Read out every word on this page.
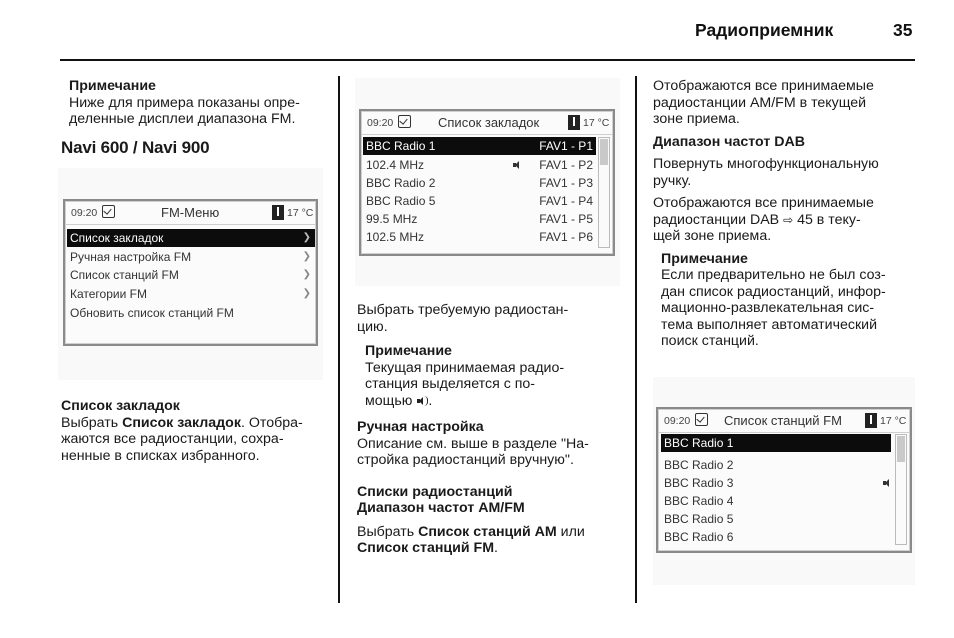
Радиоприемник	35
Примечание
Ниже для примера показаны опре-
деленные дисплеи диапазона FM.
Navi 600 / Navi 900
09:20	FM-Меню	17 °C
Список закладок	❯
Ручная настройка FM	❯
Список станций FM	❯
Категории FM	❯
Обновить список станций FM
Список закладок
Выбрать Список закладок. Отобра-
жаются все радиостанции, сохра-
ненные в списках избранного.
09:20	Список закладок	17 °C
BBC Radio 1	FAV1 - P1
102.4 MHz	FAV1 - P2
BBC Radio 2	FAV1 - P3
BBC Radio 5	FAV1 - P4
99.5 MHz	FAV1 - P5
102.5 MHz	FAV1 - P6

Выбрать требуемую радиостан-
цию.

Примечание
Текущая принимаемая радио-
станция выделяется с по-
мощью .
Ручная настройка
Описание см. выше в разделе "На-
стройка радиостанций вручную".
Списки радиостанций
Диапазон частот AM/FM
Выбрать Список станций AM или
Список станций FM.

Отображаются все принимаемые
радиостанции AM/FM в текущей
зоне приема.

Диапазон частот DAB

Повернуть многофункциональную
ручку.

Отображаются все принимаемые
радиостанции DAB ⇨ 45 в теку-
щей зоне приема.

Примечание
Если предварительно не был соз-
дан список радиостанций, инфор-
мационно-развлекательная сис-
тема выполняет автоматический
поиск станций.
09:20	Список станций FM	17 °C
BBC Radio 1
BBC Radio 2
BBC Radio 3
BBC Radio 4
BBC Radio 5
BBC Radio 6
